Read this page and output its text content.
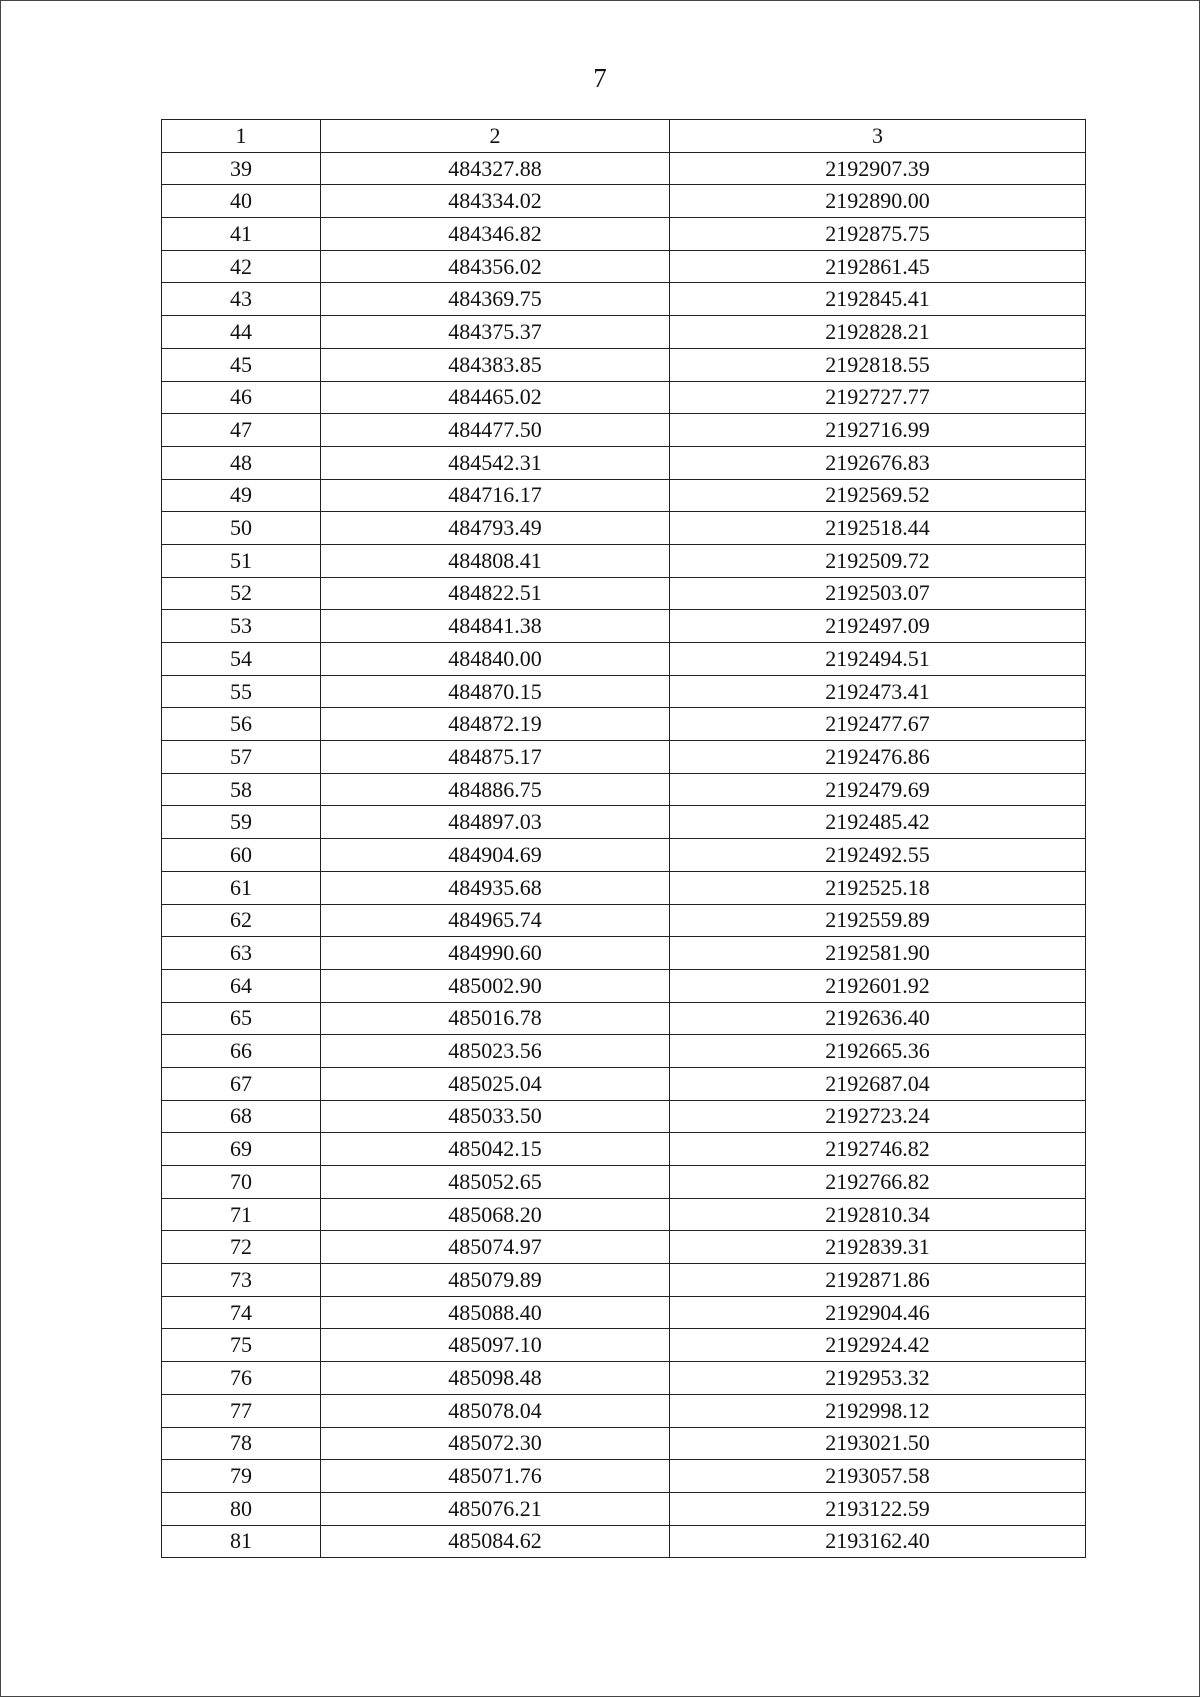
7
1	2	3
39	484327.88	2192907.39
40	484334.02	2192890.00
41	484346.82	2192875.75
42	484356.02	2192861.45
43	484369.75	2192845.41
44	484375.37	2192828.21
45	484383.85	2192818.55
46	484465.02	2192727.77
47	484477.50	2192716.99
48	484542.31	2192676.83
49	484716.17	2192569.52
50	484793.49	2192518.44
51	484808.41	2192509.72
52	484822.51	2192503.07
53	484841.38	2192497.09
54	484840.00	2192494.51
55	484870.15	2192473.41
56	484872.19	2192477.67
57	484875.17	2192476.86
58	484886.75	2192479.69
59	484897.03	2192485.42
60	484904.69	2192492.55
61	484935.68	2192525.18
62	484965.74	2192559.89
63	484990.60	2192581.90
64	485002.90	2192601.92
65	485016.78	2192636.40
66	485023.56	2192665.36
67	485025.04	2192687.04
68	485033.50	2192723.24
69	485042.15	2192746.82
70	485052.65	2192766.82
71	485068.20	2192810.34
72	485074.97	2192839.31
73	485079.89	2192871.86
74	485088.40	2192904.46
75	485097.10	2192924.42
76	485098.48	2192953.32
77	485078.04	2192998.12
78	485072.30	2193021.50
79	485071.76	2193057.58
80	485076.21	2193122.59
81	485084.62	2193162.40
